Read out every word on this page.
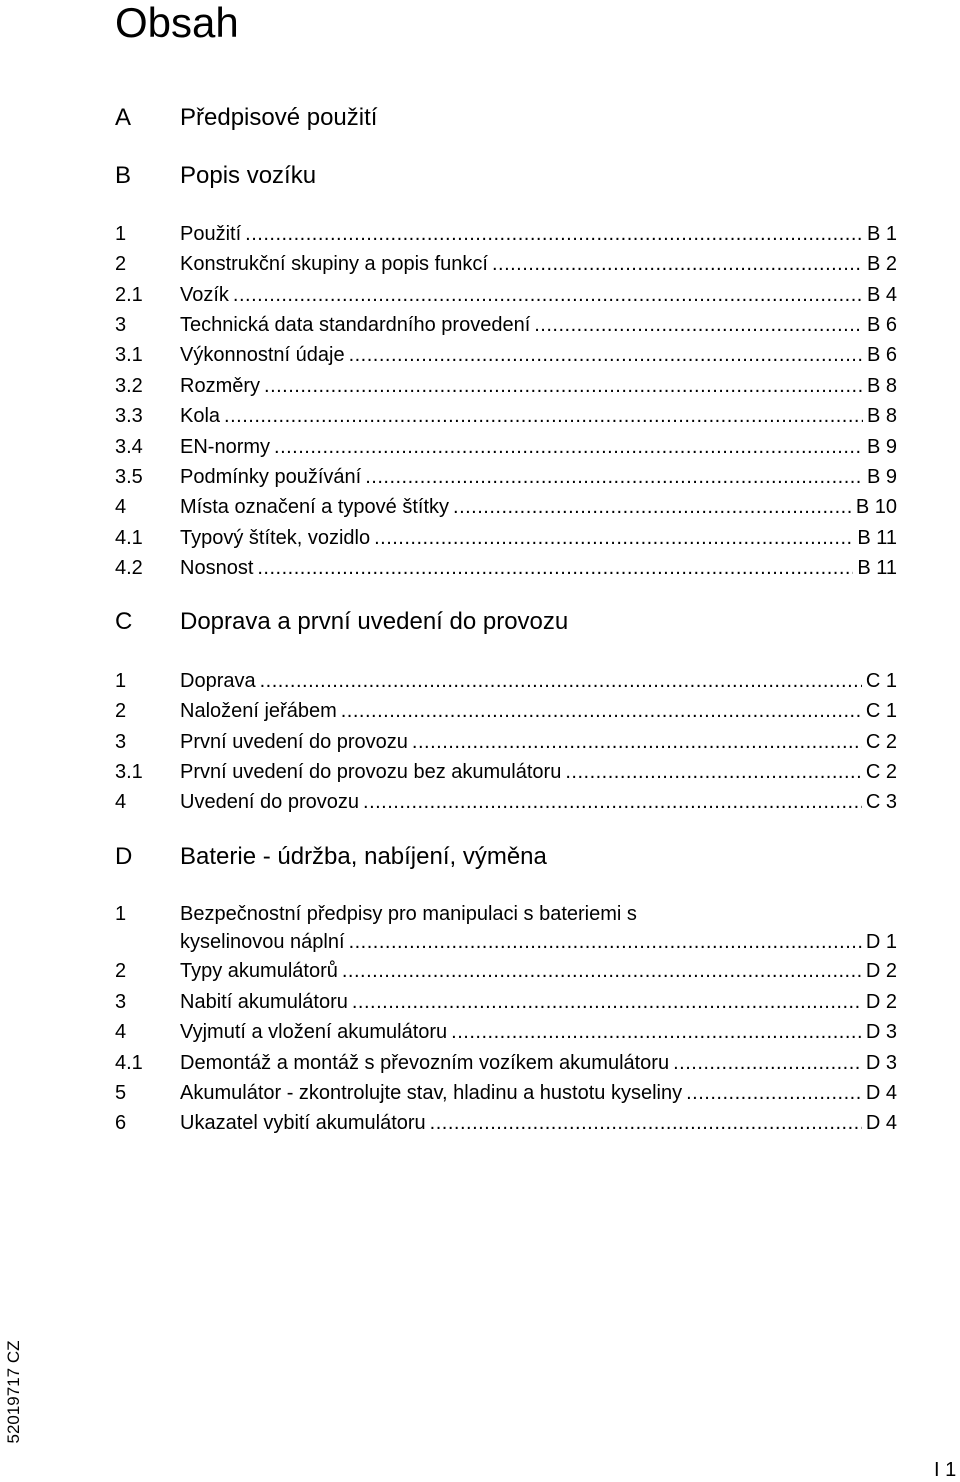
Obsah
A Předpisové použití
B Popis vozíku
1	Použití .....	B 1
2	Konstrukční skupiny a popis funkcí .....	B 2
2.1 Vozík .....	B 4
3	Technická data standardního provedení .....	B 6
3.1 Výkonnostní údaje .....	B 6
3.2 Rozměry .....	B 8
3.3 Kola .....	B 8
3.4 EN-normy .....	B 9
3.5 Podmínky používání .....	B 9
4	Místa označení a typové štítky .....	B 10
4.1 Typový štítek, vozidlo .....	B 11
4.2 Nosnost .....	B 11
C Doprava a první uvedení do provozu
1	Doprava .....	C 1
2	Naložení jeřábem .....	C 1
3	První uvedení do provozu .....	C 2
3.1 První uvedení do provozu bez akumulátoru .....	C 2
4	Uvedení do provozu .....	C 3
D Baterie - údržba, nabíjení, výměna
1	Bezpečnostní předpisy pro manipulaci s bateriemi s
kyselinovou náplní .....	D 1
2	Typy akumulátorů .....	D 2
3	Nabití akumulátoru .....	D 2
4	Vyjmutí a vložení akumulátoru .....	D 3
4.1 Demontáž a montáž s převozním vozíkem akumulátoru .....	D 3
5	Akumulátor - zkontrolujte stav, hladinu a hustotu kyseliny .....	D 4
6	Ukazatel vybití akumulátoru .....	D 4
52019717 CZ
I 1
